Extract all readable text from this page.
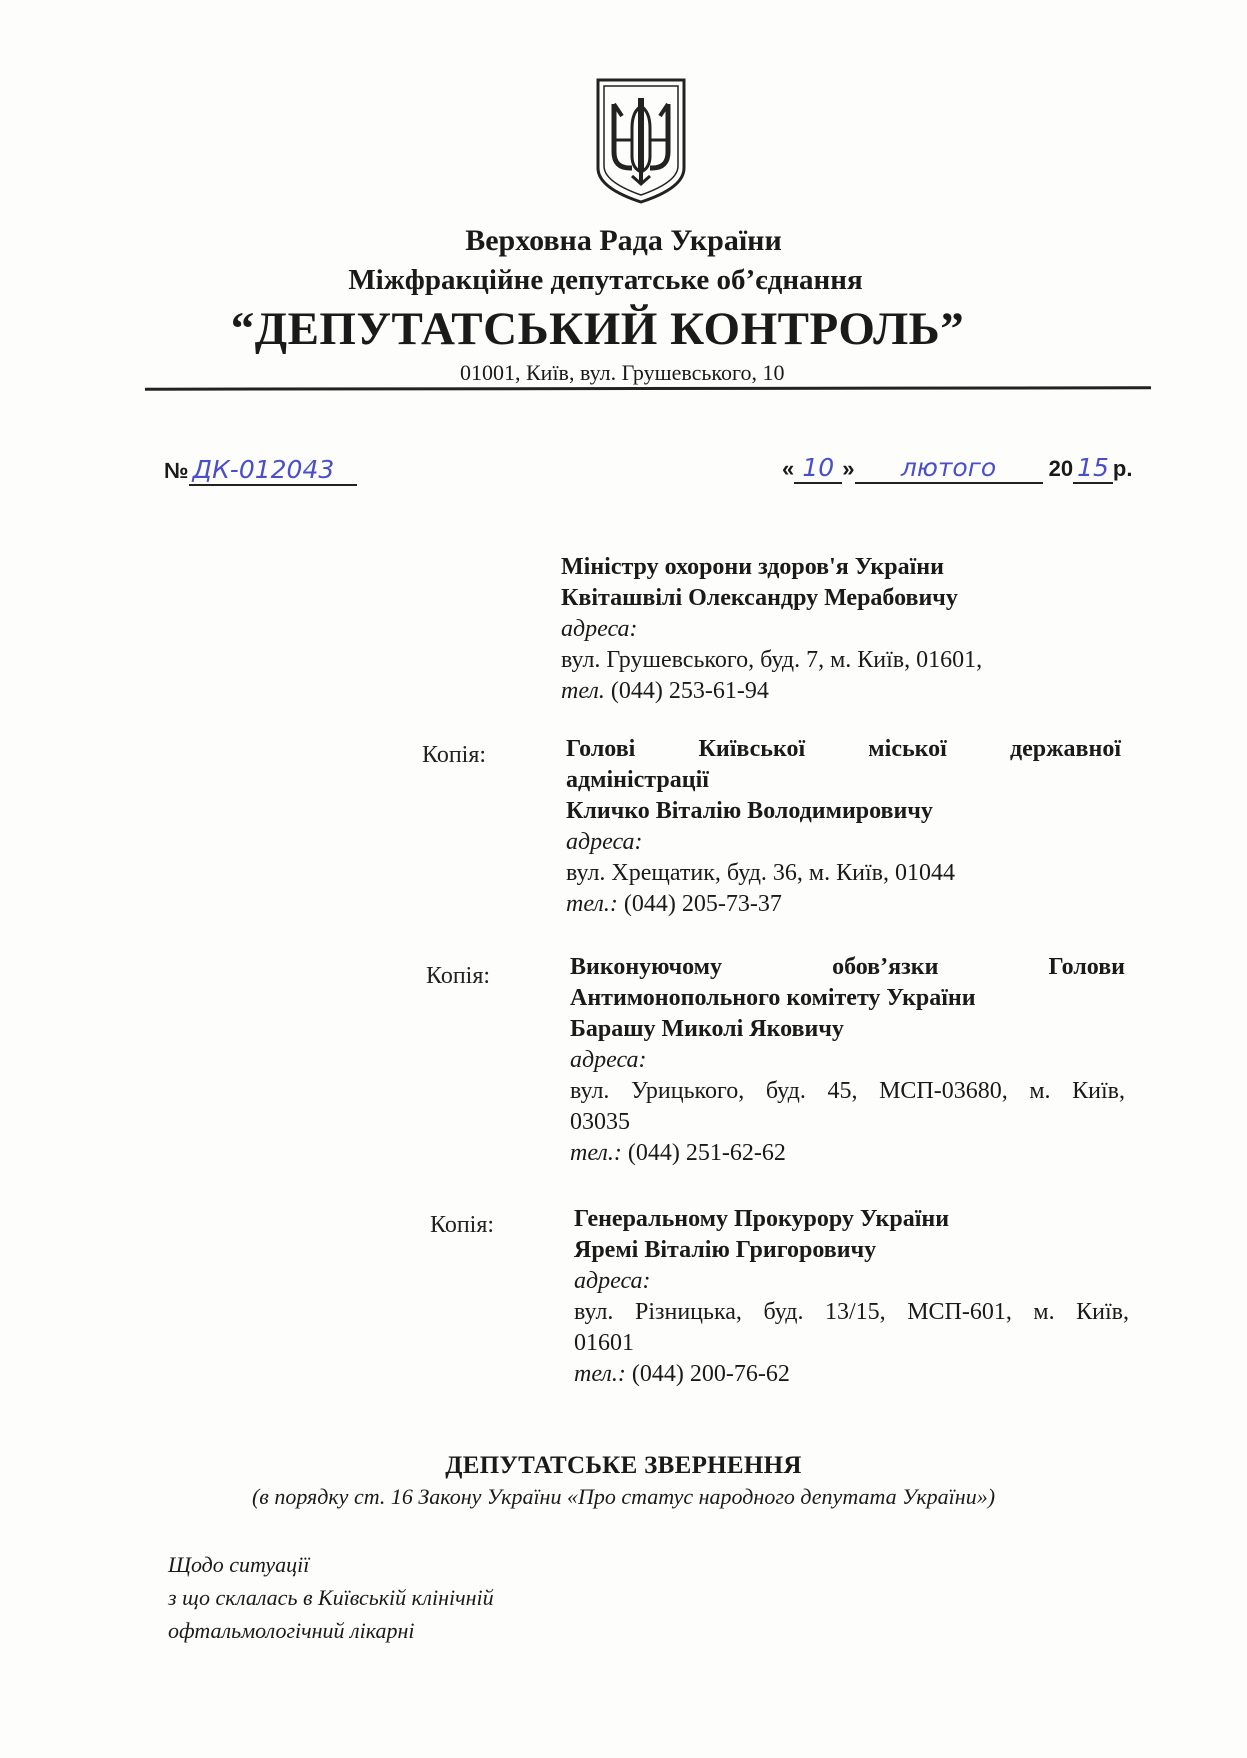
Верховна Рада України
Міжфракційне депутатське об’єднання
“ДЕПУТАТСЬКИЙ КОНТРОЛЬ”
01001, Київ, вул. Грушевського, 10
№ ДК-012043	« 10 » лютого 20 15 р.
Міністру охорони здоров'я України
Квіташвілі Олександру Мерабовичу
адреса:
вул. Грушевського, буд. 7, м. Київ, 01601,
тел. (044) 253-61-94
Копія:	Голові Київської міської державної
адміністрації
Кличко Віталію Володимировичу
адреса:
вул. Хрещатик, буд. 36, м. Київ, 01044
тел.: (044) 205-73-37
Копія:	Виконуючому обов’язки Голови
Антимонопольного комітету України
Барашу Миколі Яковичу
адреса:
вул. Урицького, буд. 45, МСП-03680, м. Київ,
03035
тел.: (044) 251-62-62
Копія:	Генеральному Прокурору України
Яремі Віталію Григоровичу
адреса:
вул. Різницька, буд. 13/15, МСП-601, м. Київ,
01601
тел.: (044) 200-76-62
ДЕПУТАТСЬКЕ ЗВЕРНЕННЯ
(в порядку ст. 16 Закону України «Про статус народного депутата України»)
Щодо ситуації
з що склалась в Київській клінічній
офтальмологічний лікарні
